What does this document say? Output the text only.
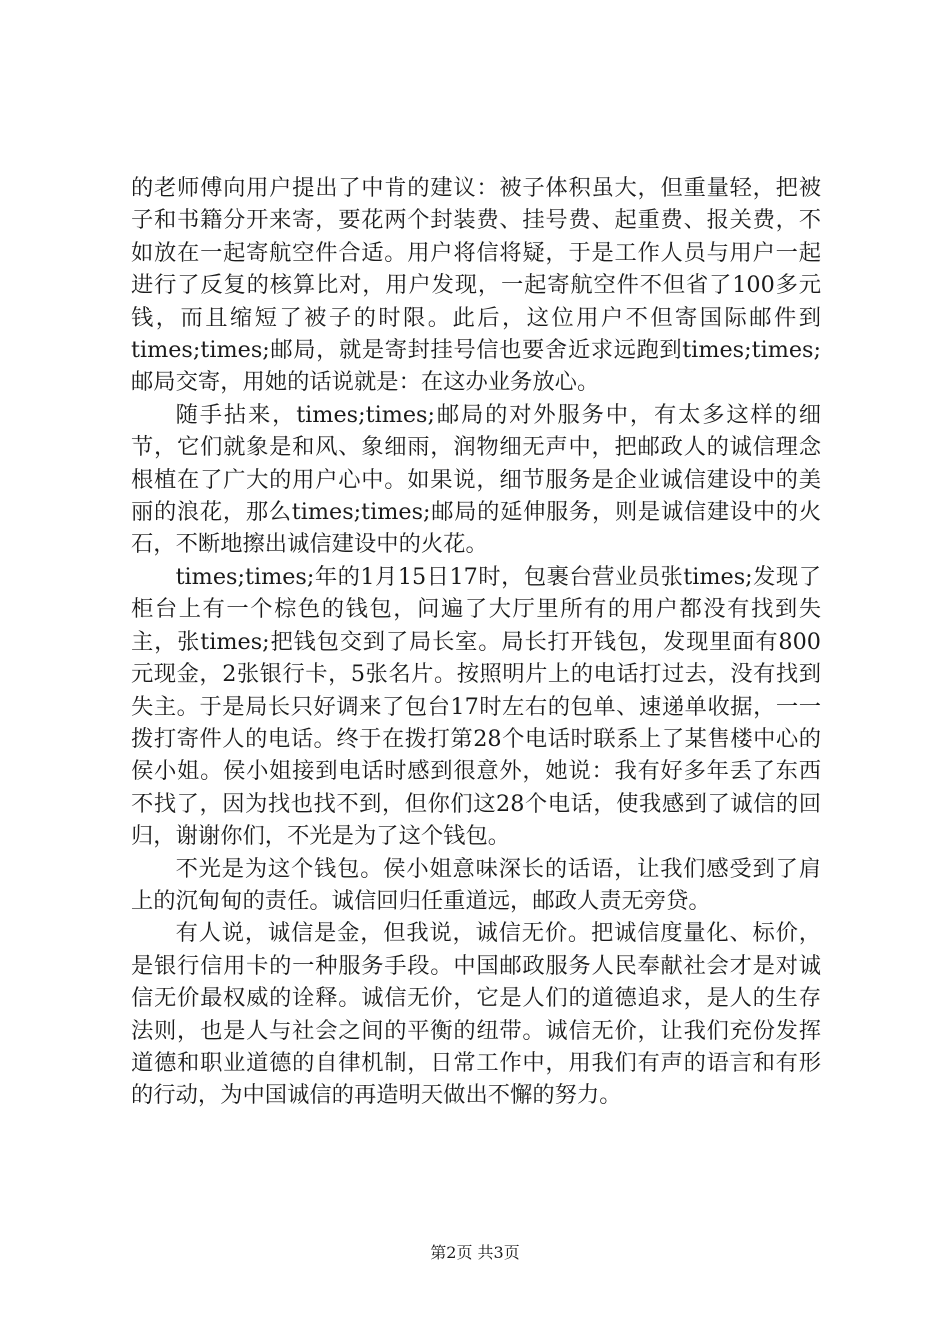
的老师傅向用户提出了中肯的建议：被子体积虽大，但重量轻，把被子和书籍分开来寄，要花两个封装费、挂号费、起重费、报关费，不如放在一起寄航空件合适。用户将信将疑，于是工作人员与用户一起进行了反复的核算比对，用户发现，一起寄航空件不但省了100多元钱，而且缩短了被子的时限。此后，这位用户不但寄国际邮件到times;times;邮局，就是寄封挂号信也要舍近求远跑到times;times;邮局交寄，用她的话说就是：在这办业务放心。

随手拈来，times;times;邮局的对外服务中，有太多这样的细节，它们就象是和风、象细雨，润物细无声中，把邮政人的诚信理念根植在了广大的用户心中。如果说，细节服务是企业诚信建设中的美丽的浪花，那么times;times;邮局的延伸服务，则是诚信建设中的火石，不断地擦出诚信建设中的火花。

times;times;年的1月15日17时，包裹台营业员张times;发现了柜台上有一个棕色的钱包，问遍了大厅里所有的用户都没有找到失主，张times;把钱包交到了局长室。局长打开钱包，发现里面有800元现金，2张银行卡，5张名片。按照明片上的电话打过去，没有找到失主。于是局长只好调来了包台17时左右的包单、速递单收据，一一拨打寄件人的电话。终于在拨打第28个电话时联系上了某售楼中心的侯小姐。侯小姐接到电话时感到很意外，她说：我有好多年丢了东西不找了，因为找也找不到，但你们这28个电话，使我感到了诚信的回归，谢谢你们，不光是为了这个钱包。

不光是为这个钱包。侯小姐意味深长的话语，让我们感受到了肩上的沉甸甸的责任。诚信回归任重道远，邮政人责无旁贷。

有人说，诚信是金，但我说，诚信无价。把诚信度量化、标价，是银行信用卡的一种服务手段。中国邮政服务人民奉献社会才是对诚信无价最权威的诠释。诚信无价，它是人们的道德追求，是人的生存法则，也是人与社会之间的平衡的纽带。诚信无价，让我们充份发挥道德和职业道德的自律机制，日常工作中，用我们有声的语言和有形的行动，为中国诚信的再造明天做出不懈的努力。

第2页 共3页
